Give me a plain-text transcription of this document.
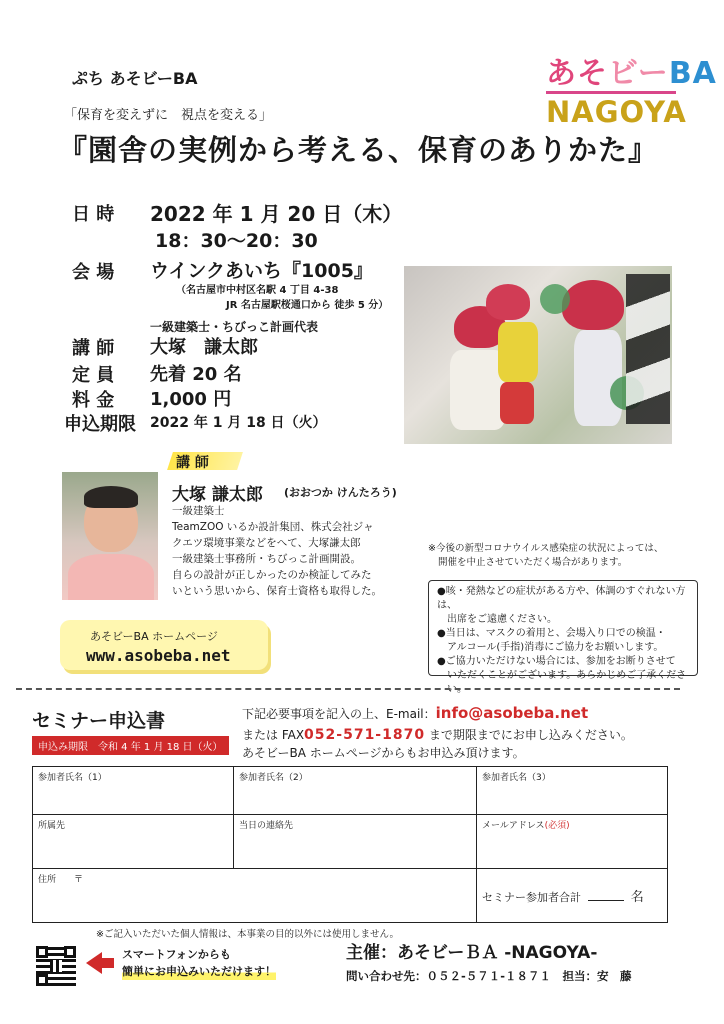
ぷち あそビーBA	あそビーBA
NAGOYA
「保育を変えずに　視点を変える」
『園舎の実例から考える、保育のありかた』
日 時 2022 年 1 月 20 日（木）
18：30〜20：30
会 場 ウインクあいち『1005』
（名古屋市中村区名駅 4 丁目 4-38
JR 名古屋駅桜通口から 徒歩 5 分）
一級建築士・ちびっこ計画代表
講 師 大塚　謙太郎
定 員 先着 20 名
料 金 1,000 円
申込期限 2022 年 1 月 18 日（火）
講 師
大塚 謙太郎 (おおつか けんたろう)
一級建築士
TeamZOO いるか設計集団、株式会社ジャ
クエツ環境事業などをへて、大塚謙太郎
一級建築士事務所・ちびっこ計画開設。
自らの設計が正しかったのか検証してみた
いという思いから、保育士資格も取得した。
あそビーBA ホームページ
www.asobeba.net
※今後の新型コロナウイルス感染症の状況によっては、
開催を中止させていただく場合があります。
●咳・発熱などの症状がある方や、体調のすぐれない方は、
出席をご遠慮ください。
●当日は、マスクの着用と、会場入り口での検温・
アルコール(手指)消毒にご協力をお願いします。
●ご協力いただけない場合には、参加をお断りさせて
いただくことがございます。あらかじめご了承ください。
セミナー申込書
申込み期限　令和 4 年 1 月 18 日（火）
下記必要事項を記入の上、E-mail：info@asobeba.net
または FAX052-571-1870 まで期限までにお申し込みください。
あそビーBA ホームページからもお申込み頂けます。
参加者氏名（1）	参加者氏名（2）	参加者氏名（3）
所属先	当日の連絡先	メールアドレス(必須)
住所　　〒		セミナー参加者合計 名
※ご記入いただいた個人情報は、本事業の目的以外には使用しません。
スマートフォンからも
簡単にお申込みいただけます！
主催：あそビーＢＡ -NAGOYA-
問い合わせ先：０５２-５７１-１８７１　担当：安　藤
